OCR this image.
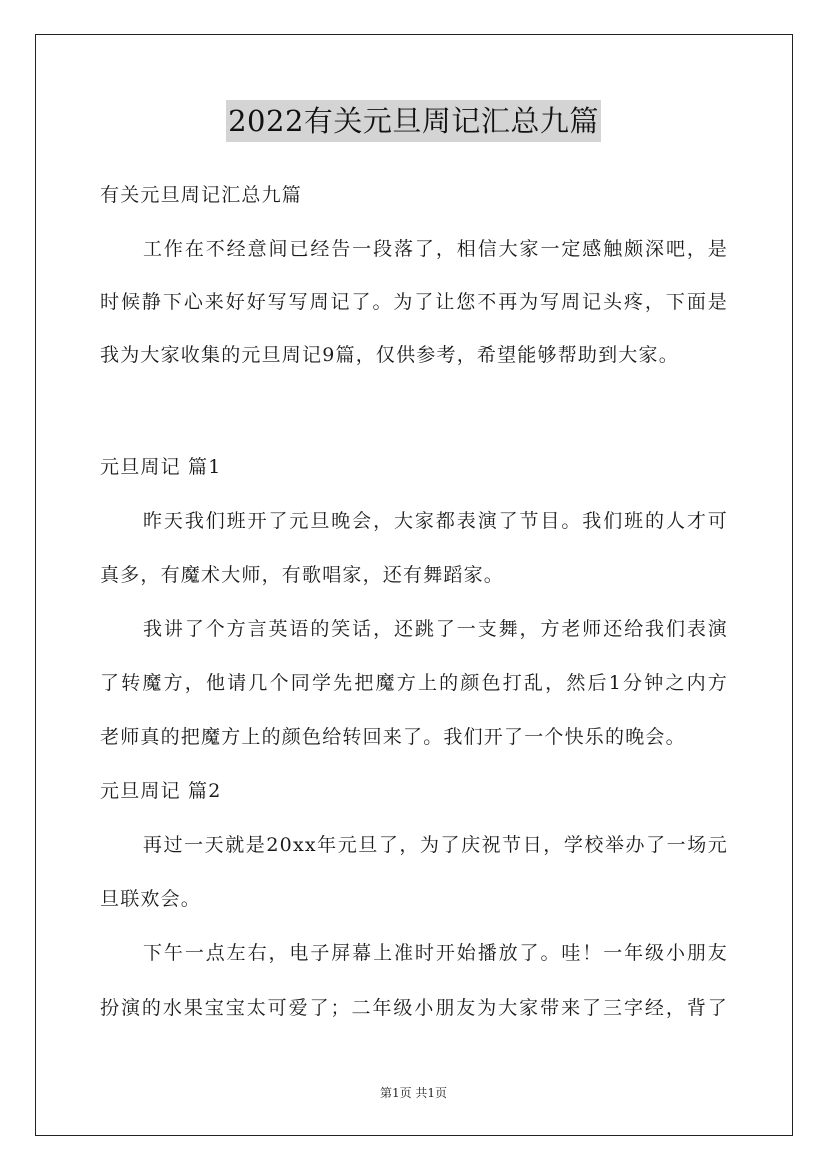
2022有关元旦周记汇总九篇
有关元旦周记汇总九篇
工作在不经意间已经告一段落了，相信大家一定感触颇深吧，是
时候静下心来好好写写周记了。为了让您不再为写周记头疼，下面是
我为大家收集的元旦周记9篇，仅供参考，希望能够帮助到大家。
元旦周记 篇1
昨天我们班开了元旦晚会，大家都表演了节目。我们班的人才可
真多，有魔术大师，有歌唱家，还有舞蹈家。
我讲了个方言英语的笑话，还跳了一支舞，方老师还给我们表演
了转魔方，他请几个同学先把魔方上的颜色打乱，然后1分钟之内方
老师真的把魔方上的颜色给转回来了。我们开了一个快乐的晚会。
元旦周记 篇2
再过一天就是20xx年元旦了，为了庆祝节日，学校举办了一场元
旦联欢会。
下午一点左右，电子屏幕上准时开始播放了。哇！一年级小朋友
扮演的水果宝宝太可爱了；二年级小朋友为大家带来了三字经，背了
第1页 共1页
